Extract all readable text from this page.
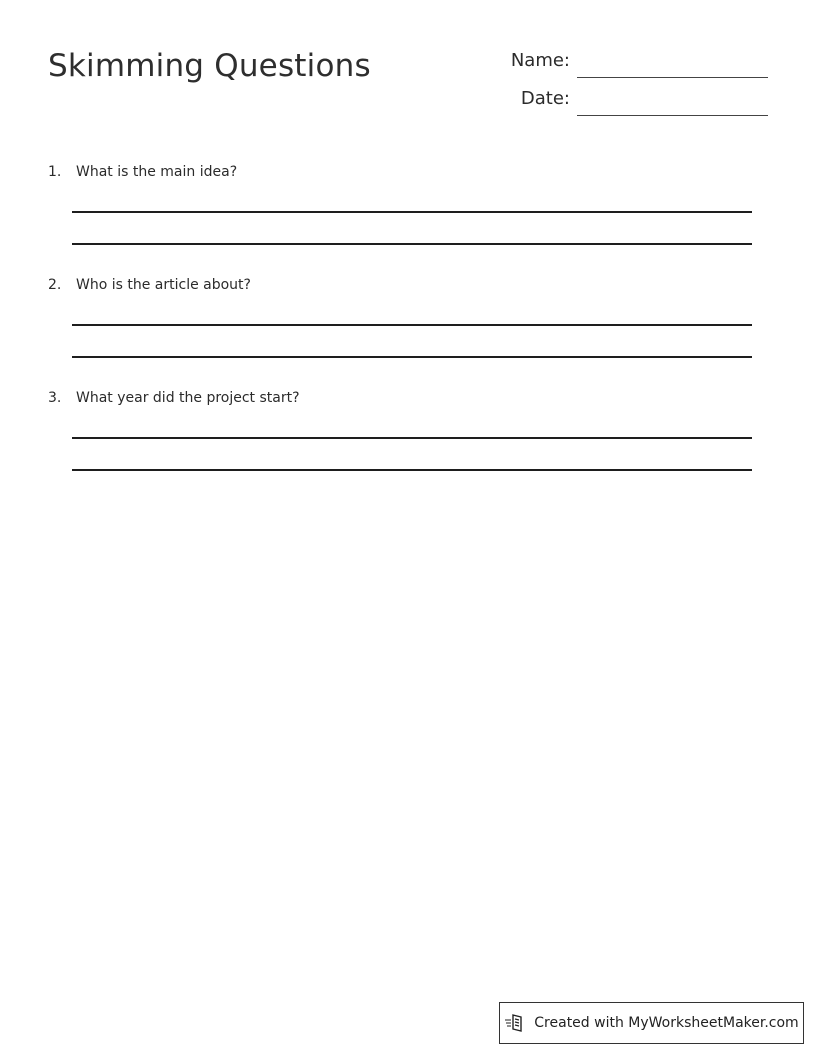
Skimming Questions	Name:
Date:
1.	What is the main idea?
2.	Who is the article about?
3.	What year did the project start?
Created with MyWorksheetMaker.com
